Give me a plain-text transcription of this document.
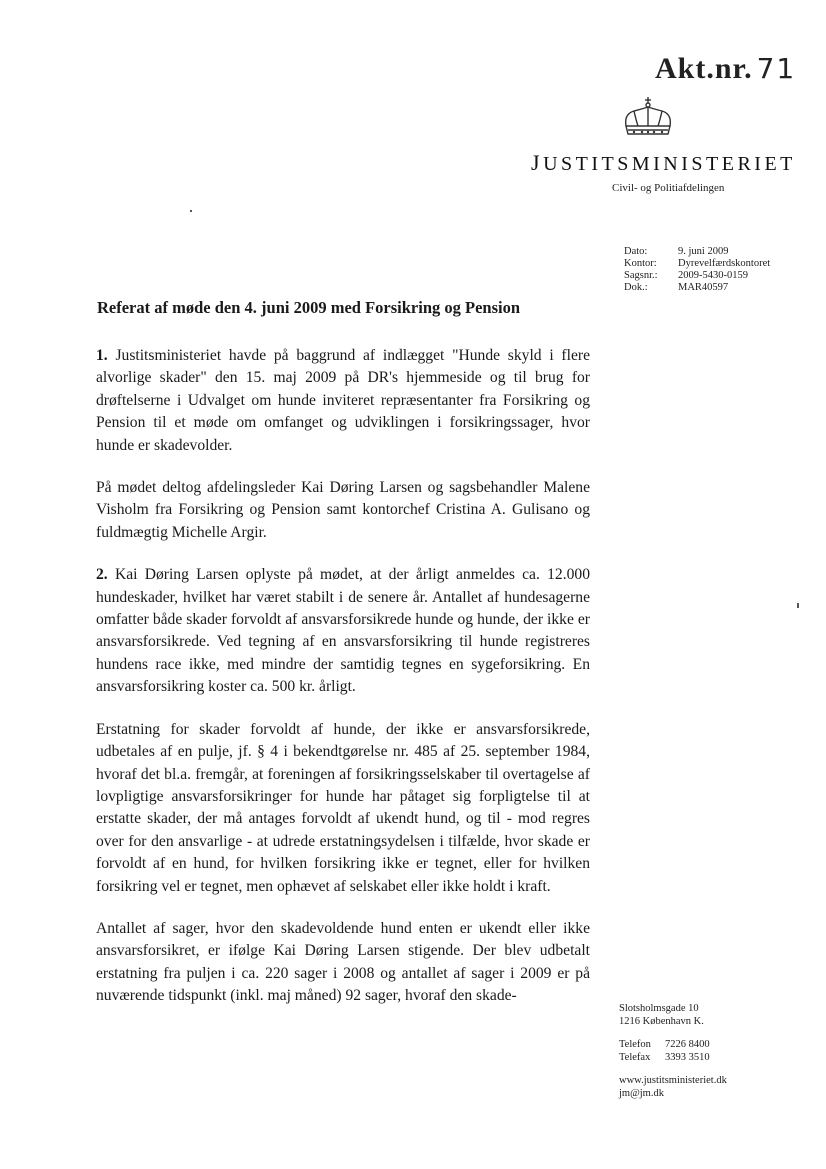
Akt.nr. 71
JUSTITSMINISTERIET
Civil- og Politiafdelingen
Dato:	9. juni 2009
Kontor:	Dyrevelfærdskontoret
Sagsnr.:	2009-5430-0159
Dok.:	MAR40597
Referat af møde den 4. juni 2009 med Forsikring og Pension

1. Justitsministeriet havde på baggrund af indlægget "Hunde skyld i flere alvorlige skader" den 15. maj 2009 på DR's hjemmeside og til brug for drøftelserne i Udvalget om hunde inviteret repræsentanter fra Forsikring og Pension til et møde om omfanget og udviklingen i forsikringssager, hvor hunde er skadevolder.

På mødet deltog afdelingsleder Kai Døring Larsen og sagsbehandler Malene Visholm fra Forsikring og Pension samt kontorchef Cristina A. Gulisano og fuldmægtig Michelle Argir.

2. Kai Døring Larsen oplyste på mødet, at der årligt anmeldes ca. 12.000 hundeskader, hvilket har været stabilt i de senere år. Antallet af hundesagerne omfatter både skader forvoldt af ansvarsforsikrede hunde og hunde, der ikke er ansvarsforsikrede. Ved tegning af en ansvarsforsikring til hunde registreres hundens race ikke, med mindre der samtidig tegnes en sygeforsikring. En ansvarsforsikring koster ca. 500 kr. årligt.

Erstatning for skader forvoldt af hunde, der ikke er ansvarsforsikrede, udbetales af en pulje, jf. § 4 i bekendtgørelse nr. 485 af 25. september 1984, hvoraf det bl.a. fremgår, at foreningen af forsikringsselskaber til overtagelse af lovpligtige ansvarsforsikringer for hunde har påtaget sig forpligtelse til at erstatte skader, der må antages forvoldt af ukendt hund, og til - mod regres over for den ansvarlige - at udrede erstatningsydelsen i tilfælde, hvor skade er forvoldt af en hund, for hvilken forsikring ikke er tegnet, eller for hvilken forsikring vel er tegnet, men ophævet af selskabet eller ikke holdt i kraft.

Antallet af sager, hvor den skadevoldende hund enten er ukendt eller ikke ansvarsforsikret, er ifølge Kai Døring Larsen stigende. Der blev udbetalt erstatning fra puljen i ca. 220 sager i 2008 og antallet af sager i 2009 er på nuværende tidspunkt (inkl. maj måned) 92 sager, hvoraf den skade-

Slotsholmsgade 10
1216 København K.
Telefon 7226 8400
Telefax 3393 3510
www.justitsministeriet.dk
jm@jm.dk
